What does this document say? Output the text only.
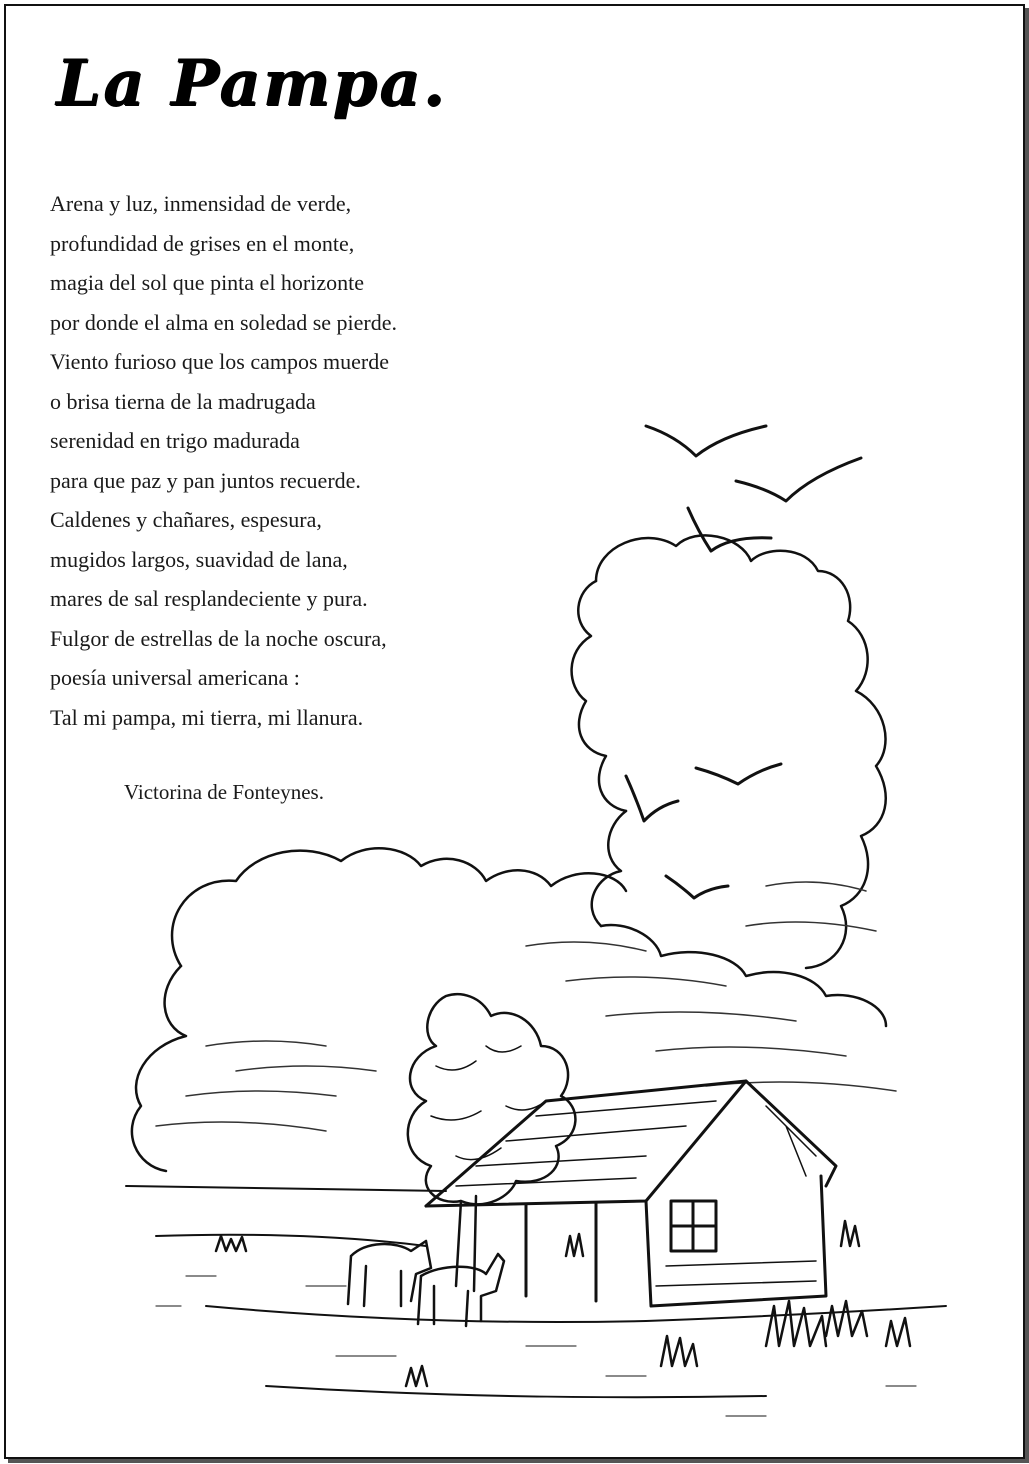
La Pampa.
Arena y luz, inmensidad de verde,
profundidad de grises en el monte,
magia del sol que pinta el horizonte
por donde el alma en soledad se pierde.
Viento furioso que los campos muerde
o brisa tierna de la madrugada
serenidad en trigo madurada
para que paz y pan juntos recuerde.
Caldenes y chañares, espesura,
mugidos largos, suavidad de lana,
mares de sal resplandeciente y pura.
Fulgor de estrellas de la noche oscura,
poesía universal americana :
Tal mi pampa, mi tierra, mi llanura.
Victorina de Fonteynes.
